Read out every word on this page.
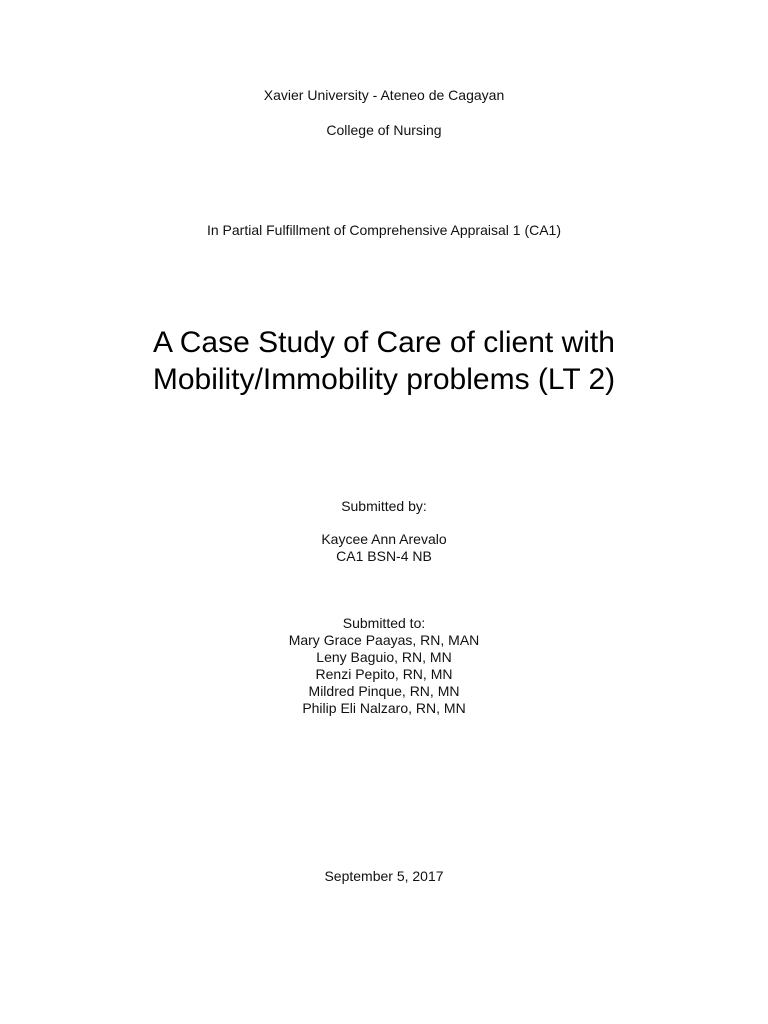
Xavier University - Ateneo de Cagayan
College of Nursing
In Partial Fulfillment of Comprehensive Appraisal 1 (CA1)
A Case Study of Care of client with
Mobility/Immobility problems (LT 2)
Submitted by:
Kaycee Ann Arevalo
CA1 BSN-4 NB
Submitted to:
Mary Grace Paayas, RN, MAN
Leny Baguio, RN, MN
Renzi Pepito, RN, MN
Mildred Pinque, RN, MN
Philip Eli Nalzaro, RN, MN
September 5, 2017
